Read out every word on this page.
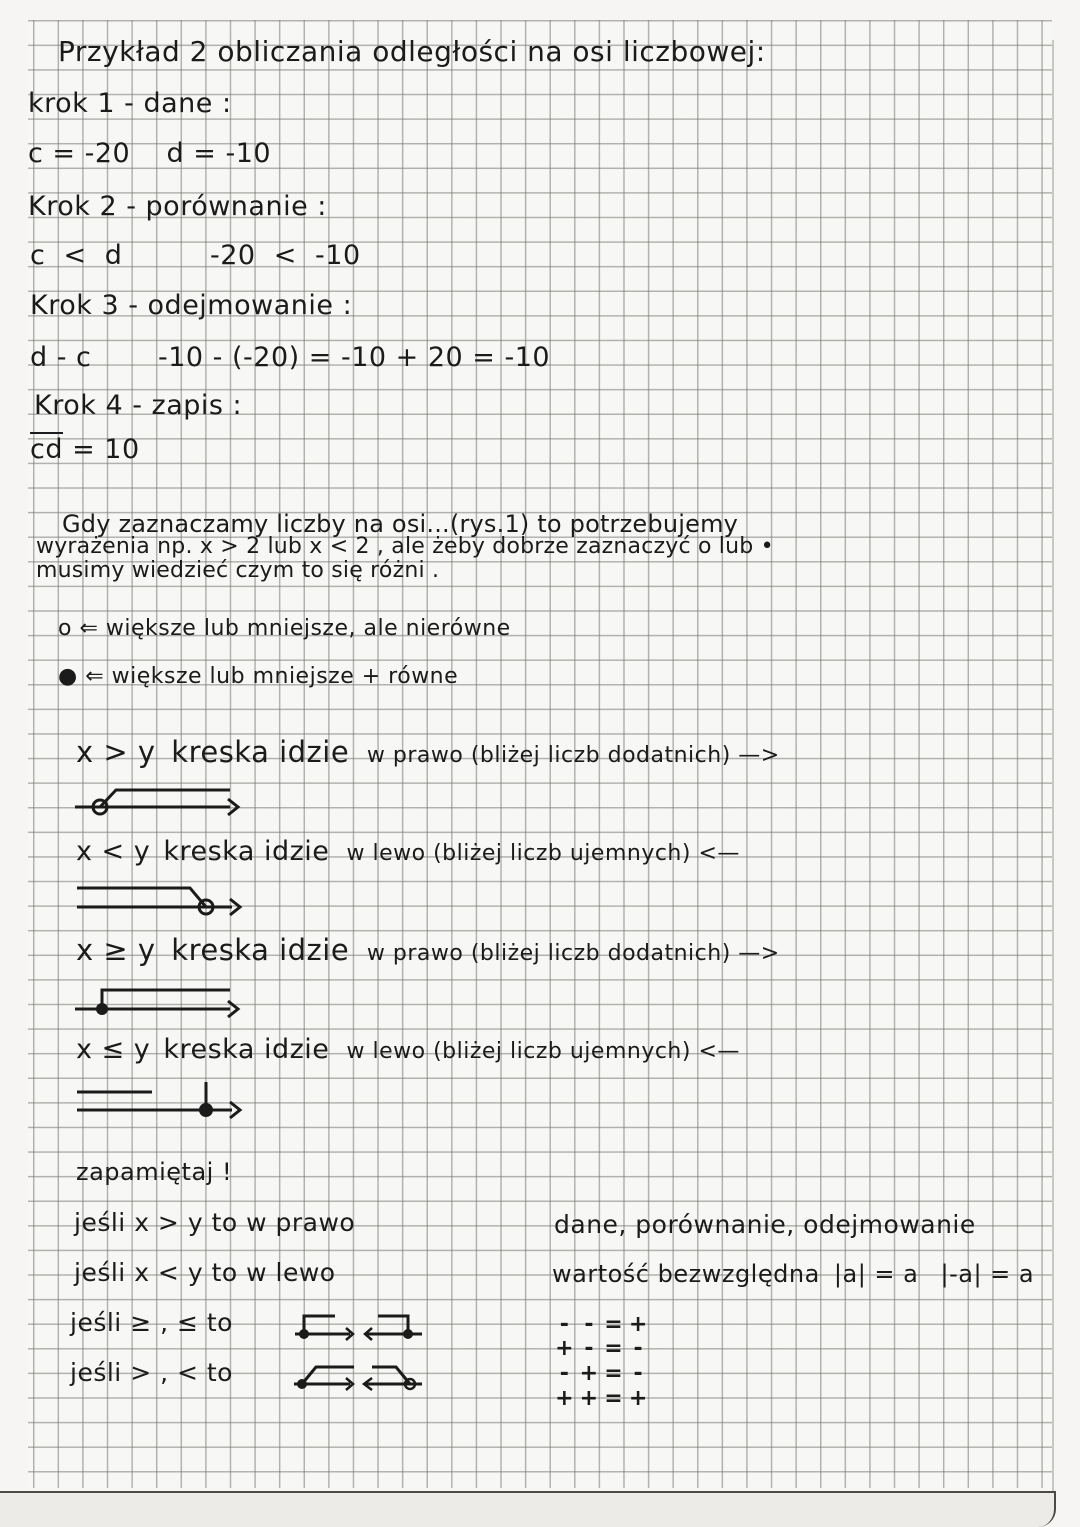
Przykład 2 obliczania odległości na osi liczbowej:
krok 1 - dane :
c = -20    d = -10
Krok 2 - porównanie :
c  <  d	-20  <  -10
Krok 3 - odejmowanie :
d - c -10 - (-20) = -10 + 20 = -10
Krok 4 - zapis :
$\overline{cd} = 10$
Gdy zaznaczamy liczby na osi...(rys.1) to potrzebujemy
wyrażenia np. x > 2 lub x < 2 , ale żeby dobrze zaznaczyć o lub •
musimy wiedzieć czym to się różni .
o ⇐ większe lub mniejsze, ale nierówne
● ⇐ większe lub mniejsze + równe
x > y kreska idzie w prawo (bliżej liczb dodatnich) —>
x < y kreska idzie w lewo (bliżej liczb ujemnych) <—
x ≥ y kreska idzie w prawo (bliżej liczb dodatnich) —>
x ≤ y kreska idzie w lewo (bliżej liczb ujemnych) <—
zapamiętaj !
jeśli x > y to w prawo
jeśli x < y to w lewo
jeśli ≥ , ≤ to
jeśli > , < to
dane, porównanie, odejmowanie
wartość bezwzględna |a| = a |-a| = a
- - = +
+ - = -
- + = -
+ + = +
